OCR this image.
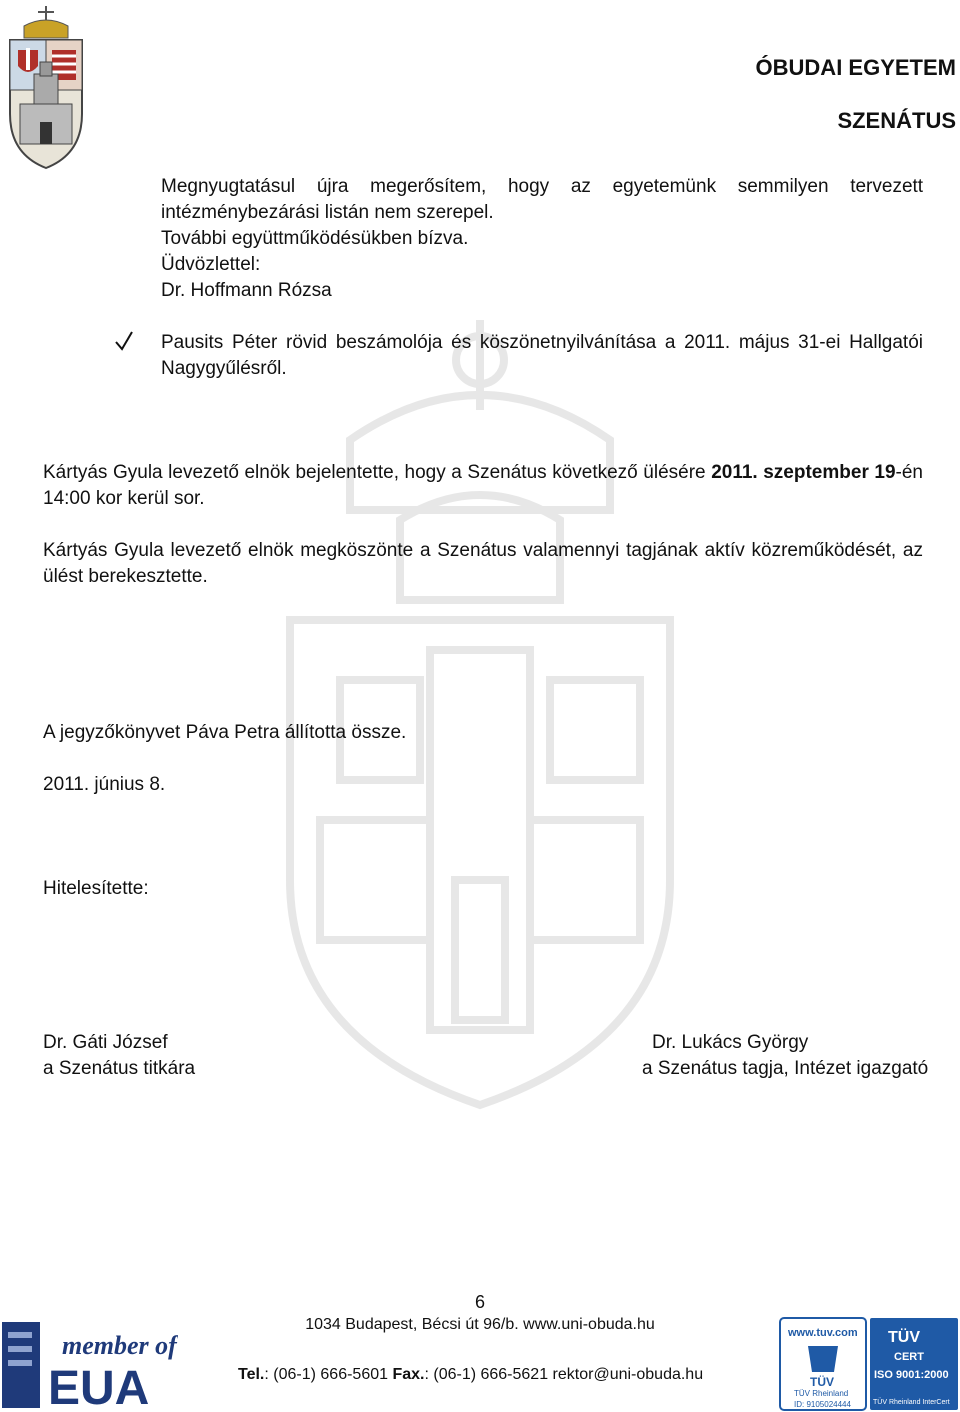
ÓBUDAI EGYETEM
SZENÁTUS
Megnyugtatásul újra megerősítem, hogy az egyetemünk semmilyen tervezett
intézménybezárási listán nem szerepel.
További együttműködésükben bízva.
Üdvözlettel:
Dr. Hoffmann Rózsa
Pausits Péter rövid beszámolója és köszönetnyilvánítása a 2011. május 31-ei Hallgatói
Nagygyűlésről.
Kártyás Gyula levezető elnök bejelentette, hogy a Szenátus következő ülésére 2011. szeptember 19-én
14:00 kor kerül sor.
Kártyás Gyula levezető elnök megköszönte a Szenátus valamennyi tagjának aktív közreműködését, az
ülést berekesztette.
A jegyzőkönyvet Páva Petra állította össze.
2011. június 8.
Hitelesítette:
Dr. Gáti József
a Szenátus titkára
Dr. Lukács György
a Szenátus tagja, Intézet igazgató
6
1034 Budapest, Bécsi út 96/b. www.uni-obuda.hu
Tel.: (06-1) 666-5601 Fax.: (06-1) 666-5621 rektor@uni-obuda.hu
member of
EUA
www.tuv.com
TÜV
TÜV Rheinland
ID: 9105024444
TÜV
CERT
ISO 9001:2000
TÜV Rheinland InterCert
